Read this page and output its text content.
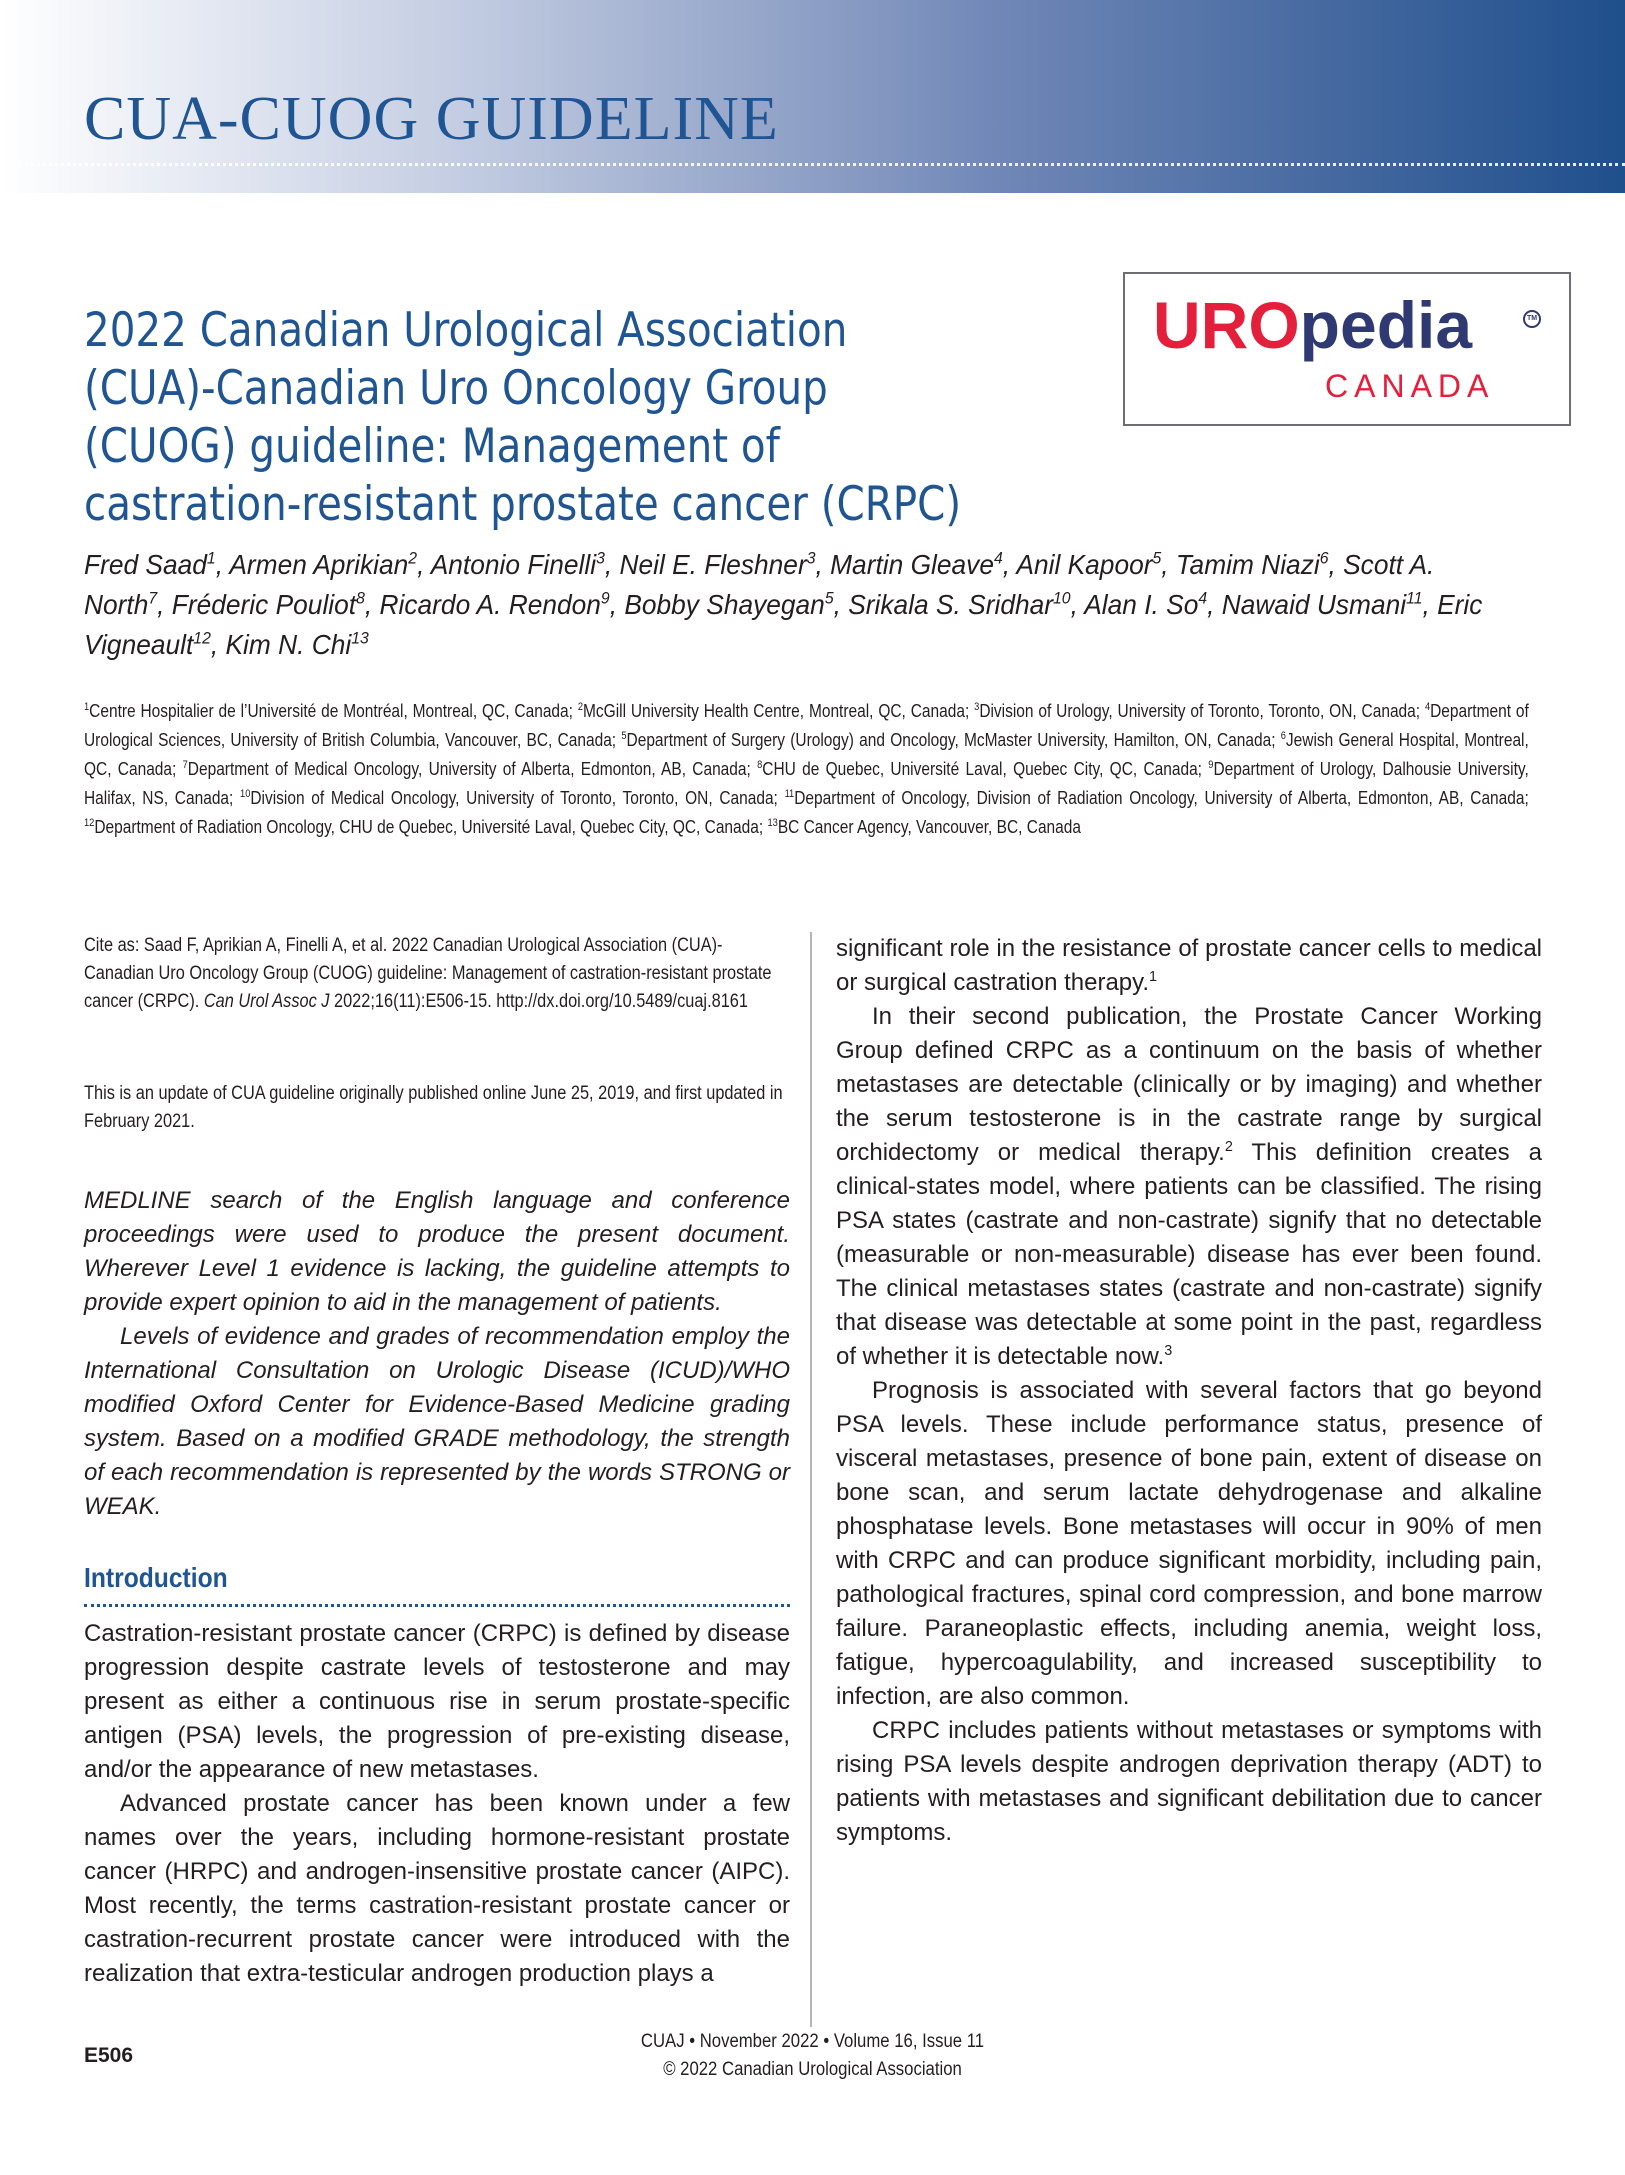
CUA-CUOG GUIDELINE
2022 Canadian Urological Association (CUA)-Canadian Uro Oncology Group (CUOG) guideline: Management of castration-resistant prostate cancer (CRPC)
UROpedia	TM
CANADA

Fred Saad$^1$, Armen Aprikian$^2$, Antonio Finelli$^3$, Neil E. Fleshner$^3$, Martin Gleave$^4$, Anil Kapoor$^5$, Tamim Niazi$^6$, Scott A. North$^7$, Fréderic Pouliot$^8$, Ricardo A. Rendon$^9$, Bobby Shayegan$^5$, Srikala S. Sridhar$^{10}$, Alan I. So$^4$, Nawaid Usmani$^{11}$, Eric Vigneault$^{12}$, Kim N. Chi$^{13}$

$^1$Centre Hospitalier de l’Université de Montréal, Montreal, QC, Canada; $^2$McGill University Health Centre, Montreal, QC, Canada; $^3$Division of Urology, University of Toronto, Toronto, ON, Canada; $^4$Department of Urological Sciences, University of British Columbia, Vancouver, BC, Canada; $^5$Department of Surgery (Urology) and Oncology, McMaster University, Hamilton, ON, Canada; $^6$Jewish General Hospital, Montreal, QC, Canada; $^7$Department of Medical Oncology, University of Alberta, Edmonton, AB, Canada; $^8$CHU de Quebec, Université Laval, Quebec City, QC, Canada; $^9$Department of Urology, Dalhousie University, Halifax, NS, Canada; $^{10}$Division of Medical Oncology, University of Toronto, Toronto, ON, Canada; $^{11}$Department of Oncology, Division of Radiation Oncology, University of Alberta, Edmonton, AB, Canada; $^{12}$Department of Radiation Oncology, CHU de Quebec, Université Laval, Quebec City, QC, Canada; $^{13}$BC Cancer Agency, Vancouver, BC, Canada

Cite as: Saad F, Aprikian A, Finelli A, et al. 2022 Canadian Urological Association (CUA)-Canadian Uro Oncology Group (CUOG) guideline: Management of castration-resistant prostate cancer (CRPC). Can Urol Assoc J 2022;16(11):E506-15. http://dx.doi.org/10.5489/cuaj.8161

This is an update of CUA guideline originally published online June 25, 2019, and first updated in February 2021.

MEDLINE search of the English language and conference proceedings were used to produce the present document. Wherever Level 1 evidence is lacking, the guideline attempts to provide expert opinion to aid in the management of patients.

Levels of evidence and grades of recommendation employ the International Consultation on Urologic Disease (ICUD)/WHO modified Oxford Center for Evidence-Based Medicine grading system. Based on a modified GRADE methodology, the strength of each recommendation is represented by the words STRONG or WEAK.

Introduction

Castration-resistant prostate cancer (CRPC) is defined by disease progression despite castrate levels of testosterone and may present as either a continuous rise in serum prostate-specific antigen (PSA) levels, the progression of pre-existing disease, and/or the appearance of new metastases.

Advanced prostate cancer has been known under a few names over the years, including hormone-resistant prostate cancer (HRPC) and androgen-insensitive prostate cancer (AIPC). Most recently, the terms castration-resistant prostate cancer or castration-recurrent prostate cancer were introduced with the realization that extra-testicular androgen production plays a

significant role in the resistance of prostate cancer cells to medical or surgical castration therapy.$^1$

In their second publication, the Prostate Cancer Working Group defined CRPC as a continuum on the basis of whether metastases are detectable (clinically or by imaging) and whether the serum testosterone is in the castrate range by surgical orchidectomy or medical therapy.$^2$ This definition creates a clinical-states model, where patients can be classified. The rising PSA states (castrate and non-castrate) signify that no detectable (measurable or non-measurable) disease has ever been found. The clinical metastases states (castrate and non-castrate) signify that disease was detectable at some point in the past, regardless of whether it is detectable now.$^3$

Prognosis is associated with several factors that go beyond PSA levels. These include performance status, presence of visceral metastases, presence of bone pain, extent of disease on bone scan, and serum lactate dehydrogenase and alkaline phosphatase levels. Bone metastases will occur in 90% of men with CRPC and can produce significant morbidity, including pain, pathological fractures, spinal cord compression, and bone marrow failure. Paraneoplastic effects, including anemia, weight loss, fatigue, hypercoagulability, and increased susceptibility to infection, are also common.

CRPC includes patients without metastases or symptoms with rising PSA levels despite androgen deprivation therapy (ADT) to patients with metastases and significant debilitation due to cancer symptoms.

E506
CUAJ • November 2022 • Volume 16, Issue 11
© 2022 Canadian Urological Association
